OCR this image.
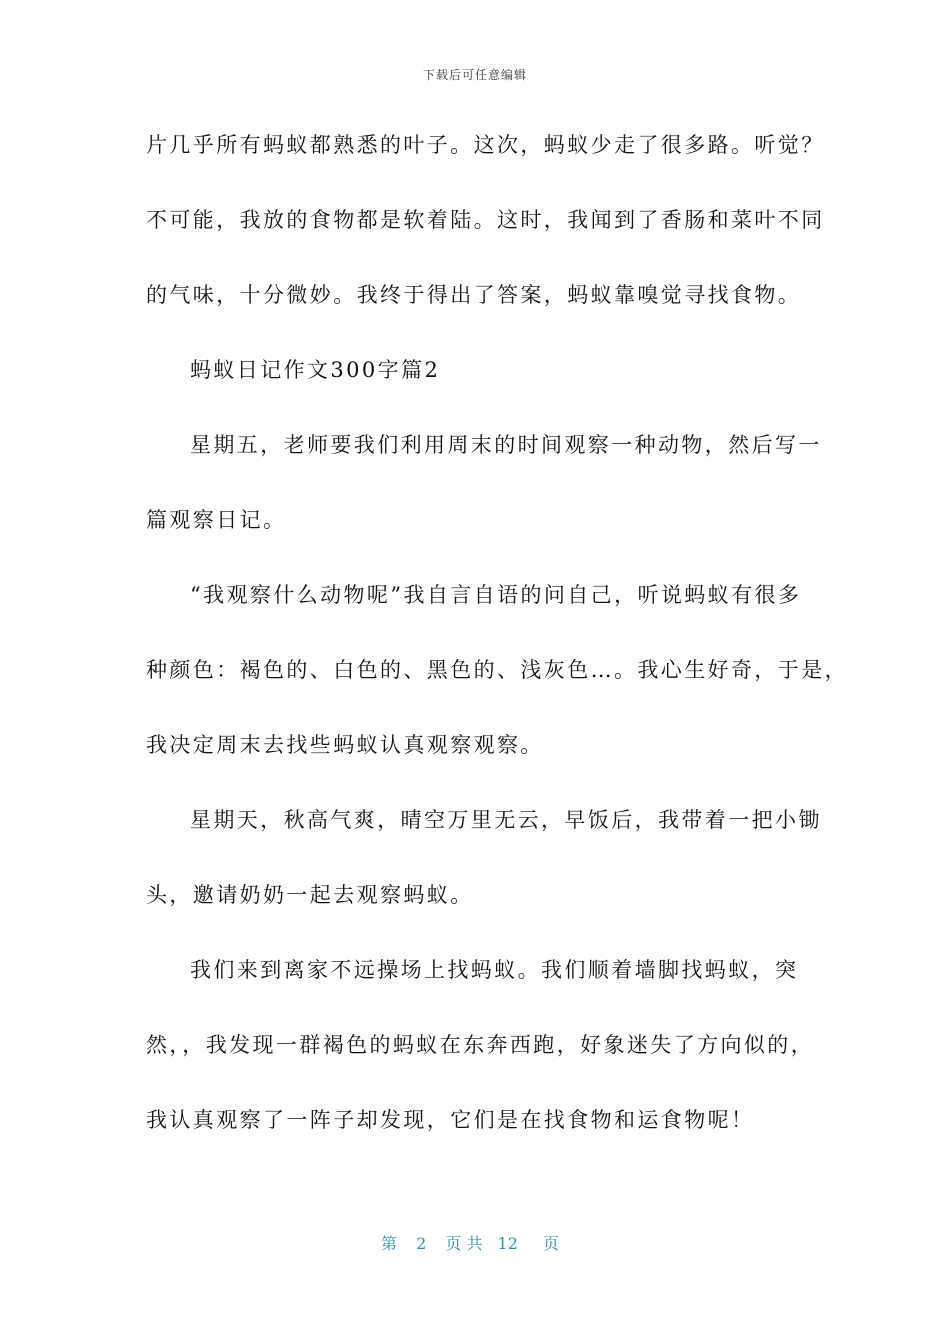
下载后可任意编辑
片几乎所有蚂蚁都熟悉的叶子。这次，蚂蚁少走了很多路。听觉？
不可能，我放的食物都是软着陆。这时，我闻到了香肠和菜叶不同
的气味，十分微妙。我终于得出了答案，蚂蚁靠嗅觉寻找食物。
蚂蚁日记作文300字篇2
星期五，老师要我们利用周末的时间观察一种动物，然后写一
篇观察日记。
“我观察什么动物呢”我自言自语的问自己，听说蚂蚁有很多
种颜色：褐色的、白色的、黑色的、浅灰色…。我心生好奇，于是，
我决定周末去找些蚂蚁认真观察观察。
星期天，秋高气爽，晴空万里无云，早饭后，我带着一把小锄
头，邀请奶奶一起去观察蚂蚁。
我们来到离家不远操场上找蚂蚁。我们顺着墙脚找蚂蚁，突
然，，我发现一群褐色的蚂蚁在东奔西跑，好象迷失了方向似的，
我认真观察了一阵子却发现，它们是在找食物和运食物呢！
第 2 页 共 12 页
